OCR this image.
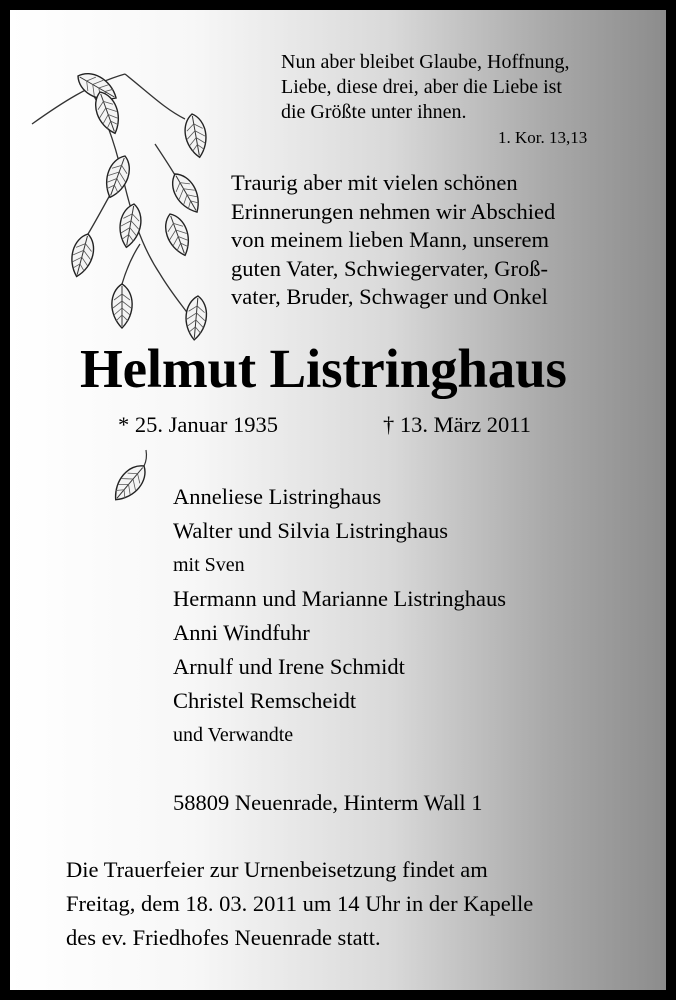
Nun aber bleibet Glaube, Hoffnung,
Liebe, diese drei, aber die Liebe ist
die Größte unter ihnen.
1. Kor. 13,13
Traurig aber mit vielen schönen
Erinnerungen nehmen wir Abschied
von meinem lieben Mann, unserem
guten Vater, Schwiegervater, Groß-
vater, Bruder, Schwager und Onkel
Helmut Listringhaus
* 25. Januar 1935	† 13. März 2011
Anneliese Listringhaus
Walter und Silvia Listringhaus
mit Sven
Hermann und Marianne Listringhaus
Anni Windfuhr
Arnulf und Irene Schmidt
Christel Remscheidt
und Verwandte
58809 Neuenrade, Hinterm Wall 1
Die Trauerfeier zur Urnenbeisetzung findet am
Freitag, dem 18. 03. 2011 um 14 Uhr in der Kapelle
des ev. Friedhofes Neuenrade statt.
